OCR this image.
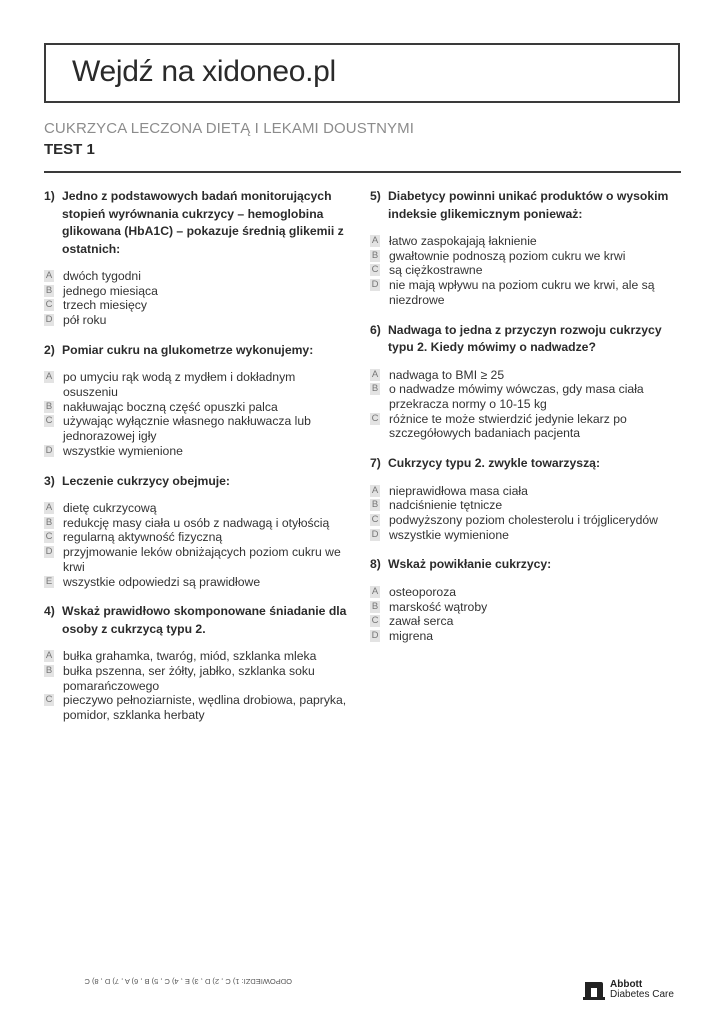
Wejdź na xidoneo.pl
CUKRZYCA LECZONA DIETĄ I LEKAMI DOUSTNYMI
TEST 1
1) Jedno z podstawowych badań monitorujących stopień wyrównania cukrzycy – hemoglobina glikowana (HbA1C) – pokazuje średnią glikemii z ostatnich:
A dwóch tygodni
B jednego miesiąca
C trzech miesięcy
D pół roku
2) Pomiar cukru na glukometrze wykonujemy:
A po umyciu rąk wodą z mydłem i dokładnym osuszeniu
B nakłuwając boczną część opuszki palca
C używając wyłącznie własnego nakłuwacza lub jednorazowej igły
D wszystkie wymienione
3) Leczenie cukrzycy obejmuje:
A dietę cukrzycową
B redukcję masy ciała u osób z nadwagą i otyłością
C regularną aktywność fizyczną
D przyjmowanie leków obniżających poziom cukru we krwi
E wszystkie odpowiedzi są prawidłowe
4) Wskaż prawidłowo skomponowane śniadanie dla osoby z cukrzycą typu 2.
A bułka grahamka, twaróg, miód, szklanka mleka
B bułka pszenna, ser żółty, jabłko, szklanka soku pomarańczowego
C pieczywo pełnoziarniste, wędlina drobiowa, papryka, pomidor, szklanka herbaty
5) Diabetycy powinni unikać produktów o wysokim indeksie glikemicznym ponieważ:
A łatwo zaspokajają łaknienie
B gwałtownie podnoszą poziom cukru we krwi
C są ciężkostrawne
D nie mają wpływu na poziom cukru we krwi, ale są niezdrowe
6) Nadwaga to jedna z przyczyn rozwoju cukrzycy typu 2. Kiedy mówimy o nadwadze?
A nadwaga to BMI ≥ 25
B o nadwadze mówimy wówczas, gdy masa ciała przekracza normy o 10-15 kg
C różnice te może stwierdzić jedynie lekarz po szczegółowych badaniach pacjenta
7) Cukrzycy typu 2. zwykle towarzyszą:
A nieprawidłowa masa ciała
B nadciśnienie tętnicze
C podwyższony poziom cholesterolu i trójglicerydów
D wszystkie wymienione
8) Wskaż powikłanie cukrzycy:
A osteoporoza
B marskość wątroby
C zawał serca
D migrena
ODPOWIEDZI: 1) C , 2) D , 3) E , 4) C , 5) B , 6) A , 7) D , 8) C	Abbott
Diabetes Care
